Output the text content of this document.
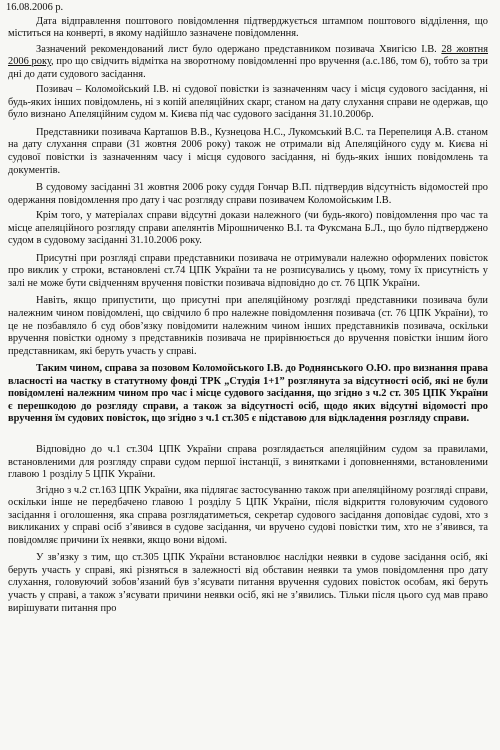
16.08.2006 р.

Дата відправлення поштового повідомлення підтверджується штампом поштового відділення, що міститься на конверті, в якому надійшло зазначене повідомлення.

Зазначений рекомендований лист було одержано представником позивача Хвигісю І.В. 28 жовтня 2006 року, про що свідчить відмітка на зворотному повідомленні про вручення (а.с.186, том 6), тобто за три дні до дати судового засідання.

Позивач – Коломойський І.В. ні судової повістки із зазначенням часу і місця судового засідання, ні будь-яких інших повідомлень, ні з копій апеляційних скарг, станом на дату слухання справи не одержав, що було визнано Апеляційним судом м. Києва під час судового засідання 31.10.2006р.

Представники позивача Карташов В.В., Кузнецова Н.С., Лукомський В.С. та Перепелиця А.В. станом на дату слухання справи (31 жовтня 2006 року) також не отримали від Апеляційного суду м. Києва ні судової повістки із зазначенням часу і місця судового засідання, ні будь-яких інших повідомлень та документів.

В судовому засіданні 31 жовтня 2006 року суддя Гончар В.П. підтвердив відсутність відомостей про одержання повідомлення про дату і час розгляду справи позивачем Коломойським І.В.

Крім того, у матеріалах справи відсутні докази належного (чи будь-якого) повідомлення про час та місце апеляційного розгляду справи апелянтів Мірошниченко В.І. та Фуксмана Б.Л., що було підтверджено судом в судовому засіданні 31.10.2006 року.

Присутні при розгляді справи представники позивача не отримували належно оформлених повісток про виклик у строки, встановлені ст.74 ЦПК України та не розписувались у цьому, тому їх присутність у залі не може бути свідченням вручення повістки позивача відповідно до ст. 76 ЦПК України.

Навіть, якщо припустити, що присутні при апеляційному розгляді представники позивача були належним чином повідомлені, що свідчило б про належне повідомлення позивача (ст. 76 ЦПК України), то це не позбавляло б суд обов’язку повідомити належним чином інших представників позивача, оскільки вручення повістки одному з представників позивача не прирівнюється до вручення повістки іншим його представникам, які беруть участь у справі.

Таким чином, справа за позовом Коломойського І.В. до Роднянського О.Ю. про визнання права власності на частку в статутному фонді ТРК „Студія 1+1” розглянута за відсутності осіб, які не були повідомлені належним чином про час і місце судового засідання, що згідно з ч.2 ст. 305 ЦПК України є перешкодою до розгляду справи, а також за відсутності осіб, щодо яких відсутні відомості про вручення їм судових повісток, що згідно з ч.1 ст.305 є підставою для відкладення розгляду справи.

Відповідно до ч.1 ст.304 ЦПК України справа розглядається апеляційним судом за правилами, встановленими для розгляду справи судом першої інстанції, з винятками і доповненнями, встановленими главою 1 розділу 5 ЦПК України.

Згідно з ч.2 ст.163 ЦПК України, яка підлягає застосуванню також при апеляційному розгляді справи, оскільки інше не передбачено главою 1 розділу 5 ЦПК України, після відкриття головуючим судового засідання і оголошення, яка справа розглядатиметься, секретар судового засідання доповідає судові, хто з викликаних у справі осіб з’явився в судове засідання, чи вручено судові повістки тим, хто не з’явився, та повідомляє причини їх неявки, якщо вони відомі.

У зв’язку з тим, що ст.305 ЦПК України встановлює наслідки неявки в судове засідання осіб, які беруть участь у справі, які різняться в залежності від обставин неявки та умов повідомлення про дату слухання, головуючий зобов’язаний був з’ясувати питання вручення судових повісток особам, які беруть участь у справі, а також з’ясувати причини неявки осіб, які не з’явились. Тільки після цього суд мав право вирішувати питання про
